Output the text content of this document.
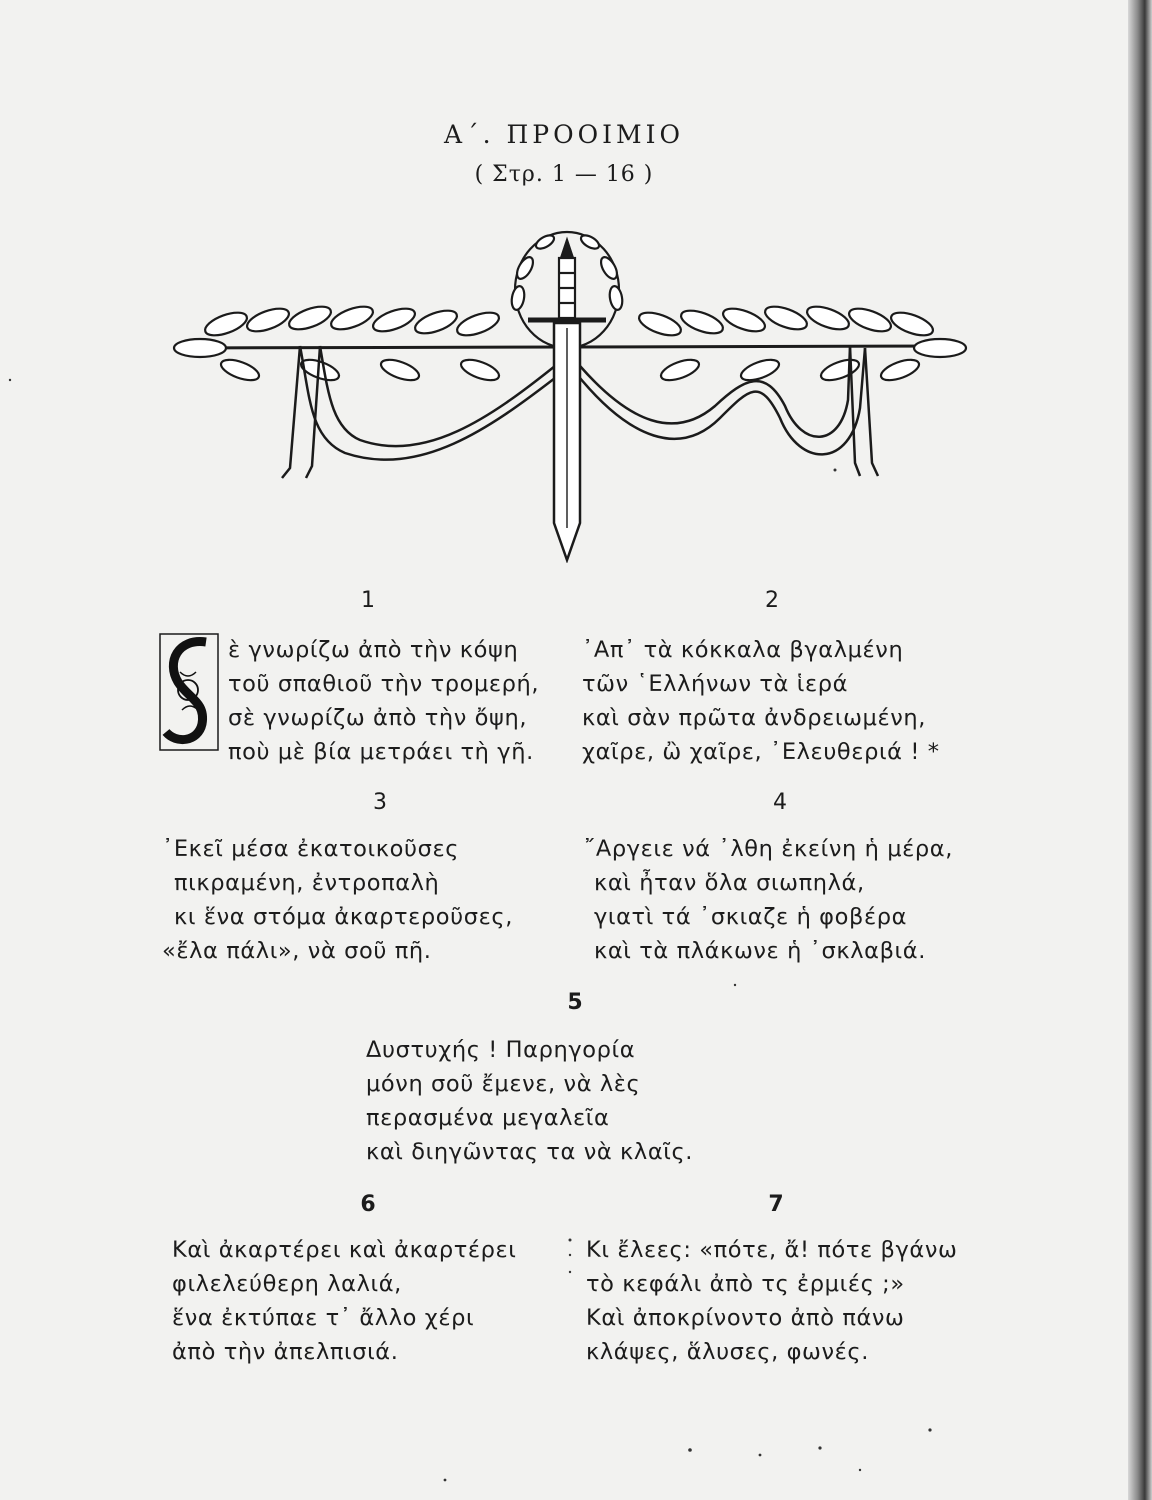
Α΄. ΠΡΟΟΙΜΙΟ
( Στρ. 1 — 16 )
1
ὲ γνωρίζω ἀπὸ τὴν κόψη
τοῦ σπαθιοῦ τὴν τρομερή,
σὲ γνωρίζω ἀπὸ τὴν ὄψη,
ποὺ μὲ βία μετράει τὴ γῆ.
2
᾿Απ᾿ τὰ κόκκαλα βγαλμένη
τῶν ῾Ελλήνων τὰ ἱερά
καὶ σὰν πρῶτα ἀνδρειωμένη,
χαῖρε, ὢ χαῖρε, ᾿Ελευθεριά ! *
3
᾿Εκεῖ μέσα ἐκατοικοῦσες
πικραμένη, ἐντροπαλὴ
κι ἕνα στόμα ἀκαρτεροῦσες,
«ἔλα πάλι», νὰ σοῦ πῆ.
4
῎Αργειε νά ᾿λθη ἐκείνη ἡ μέρα,
καὶ ἦταν ὅλα σιωπηλά,
γιατὶ τά ᾿σκιαζε ἡ φοβέρα
καὶ τὰ πλάκωνε ἡ ᾿σκλαβιά.
5
Δυστυχής ! Παρηγορία
μόνη σοῦ ἔμενε, νὰ λὲς
περασμένα μεγαλεῖα
καὶ διηγῶντας τα νὰ κλαῖς.
6
Καὶ ἀκαρτέρει καὶ ἀκαρτέρει
φιλελεύθερη λαλιά,
ἕνα ἐκτύπαε τ᾿ ἄλλο χέρι
ἀπὸ τὴν ἀπελπισιά.
7
Κι ἔλεες: «πότε, ἄ! πότε βγάνω
τὸ κεφάλι ἀπὸ τς ἐρμιές ;»
Καὶ ἀποκρίνοντο ἀπὸ πάνω
κλάψες, ἅλυσες, φωνές.
